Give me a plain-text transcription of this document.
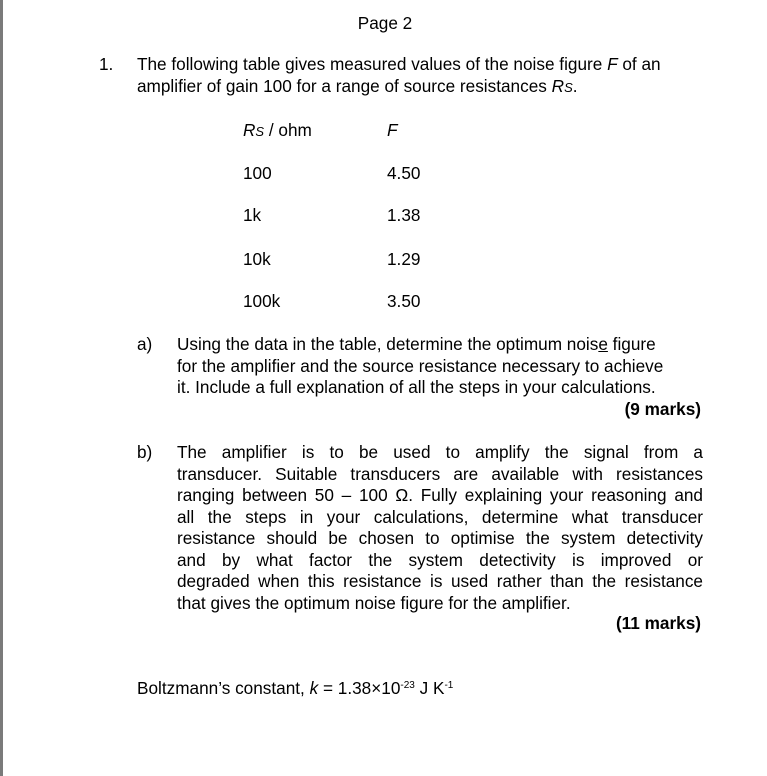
Page 2
1. The following table gives measured values of the noise figure F of an
amplifier of gain 100 for a range of source resistances RS.
RS / ohm	F
100	4.50
1k	1.38
10k	1.29
100k	3.50
a) Using the data in the table, determine the optimum noise figure
for the amplifier and the source resistance necessary to achieve
it. Include a full explanation of all the steps in your calculations.
(9 marks)
b) The amplifier is to be used to amplify the signal from a
transducer. Suitable transducers are available with resistances
ranging between 50 – 100 Ω. Fully explaining your reasoning and
all the steps in your calculations, determine what transducer
resistance should be chosen to optimise the system detectivity
and by what factor the system detectivity is improved or
degraded when this resistance is used rather than the resistance
that gives the optimum noise figure for the amplifier.
(11 marks)
Boltzmann’s constant, $k = 1.38\times 10^{-23}$ J $K^{-1}$
